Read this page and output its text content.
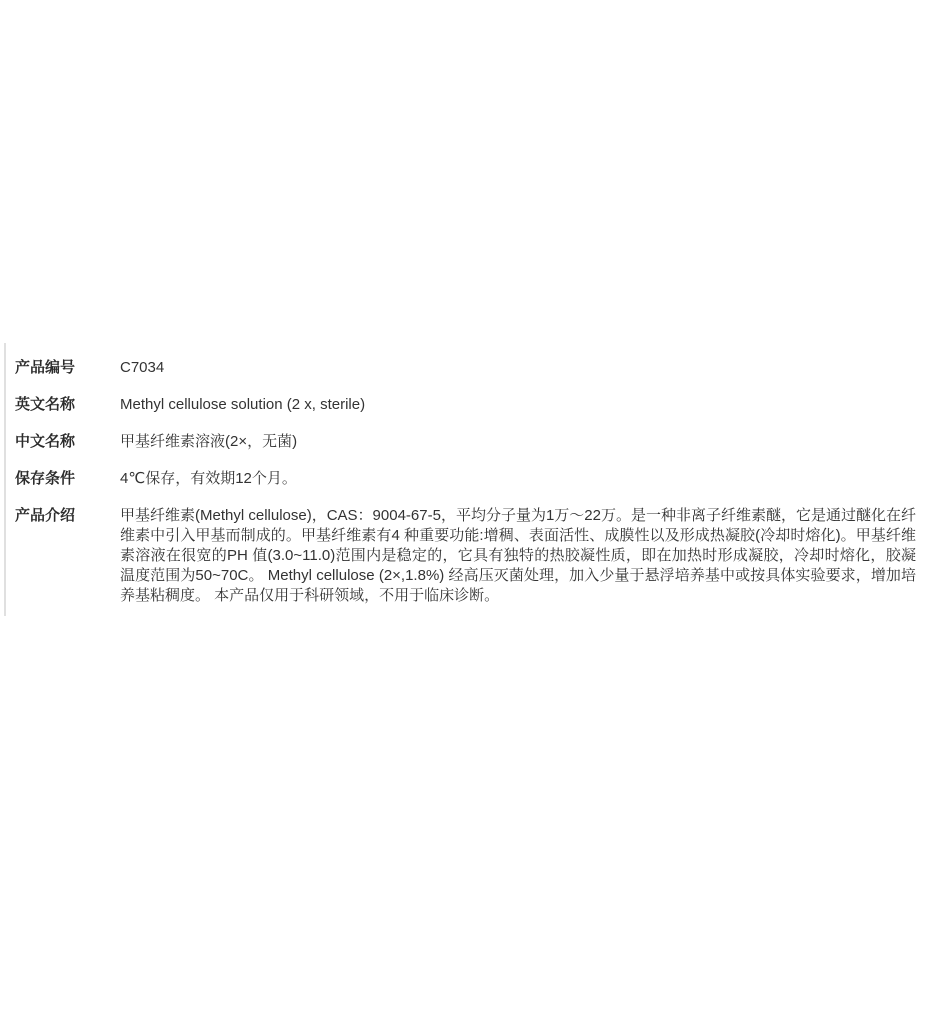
产品编号	C7034
英文名称	Methyl cellulose solution (2 x, sterile)
中文名称	甲基纤维素溶液(2×，无菌)
保存条件	4℃保存，有效期12个月。
产品介绍	甲基纤维素(Methyl cellulose)，CAS：9004-67-5，平均分子量为1万～22万。是一种非离子纤维素醚，它是通过醚化在纤维素中引入甲基而制成的。甲基纤维素有4 种重要功能:增稠、表面活性、成膜性以及形成热凝胶(冷却时熔化)。甲基纤维素溶液在很宽的PH 值(3.0~11.0)范围内是稳定的，它具有独特的热胶凝性质，即在加热时形成凝胶，冷却时熔化，胶凝温度范围为50~70C。 Methyl cellulose (2×,1.8%) 经高压灭菌处理，加入少量于悬浮培养基中或按具体实验要求，增加培养基粘稠度。 本产品仅用于科研领域，不用于临床诊断。
